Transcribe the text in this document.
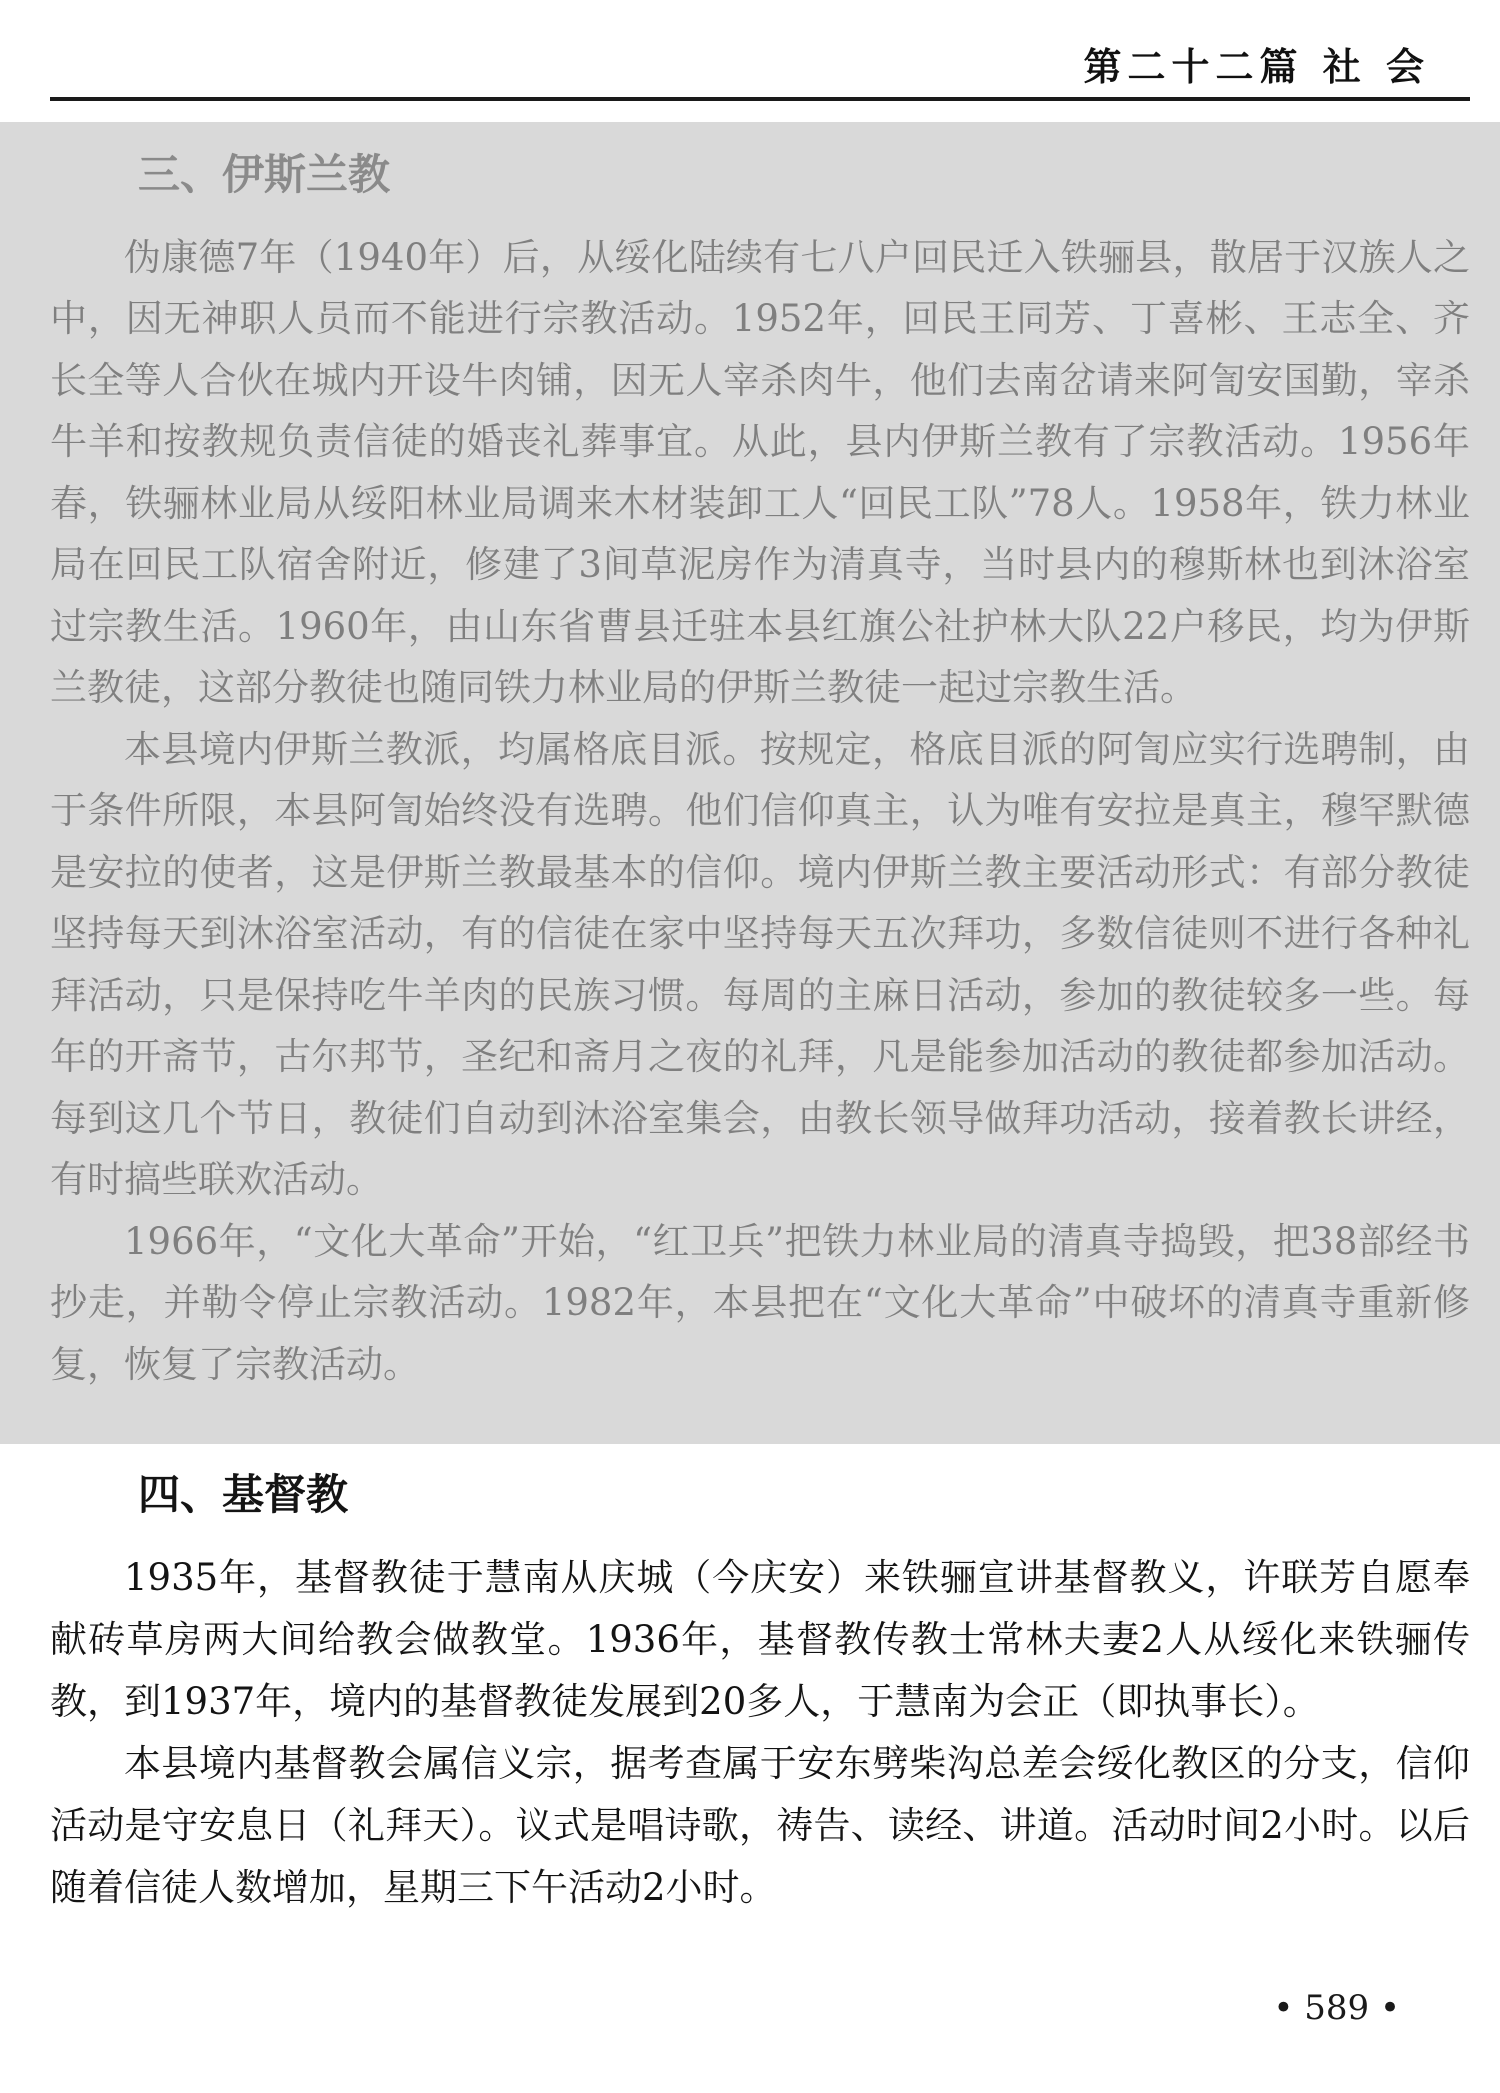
第二十二篇 社 会
三、伊斯兰教

伪康德7年（1940年）后，从绥化陆续有七八户回民迁入铁骊县，散居于汉族人之中，因无神职人员而不能进行宗教活动。1952年，回民王同芳、丁喜彬、王志全、齐长全等人合伙在城内开设牛肉铺，因无人宰杀肉牛，他们去南岔请来阿訇安国勤，宰杀牛羊和按教规负责信徒的婚丧礼葬事宜。从此，县内伊斯兰教有了宗教活动。1956年春，铁骊林业局从绥阳林业局调来木材装卸工人“回民工队”78人。1958年，铁力林业局在回民工队宿舍附近，修建了3间草泥房作为清真寺，当时县内的穆斯林也到沐浴室过宗教生活。1960年，由山东省曹县迁驻本县红旗公社护林大队22户移民，均为伊斯兰教徒，这部分教徒也随同铁力林业局的伊斯兰教徒一起过宗教生活。

本县境内伊斯兰教派，均属格底目派。按规定，格底目派的阿訇应实行选聘制，由于条件所限，本县阿訇始终没有选聘。他们信仰真主，认为唯有安拉是真主，穆罕默德是安拉的使者，这是伊斯兰教最基本的信仰。境内伊斯兰教主要活动形式：有部分教徒坚持每天到沐浴室活动，有的信徒在家中坚持每天五次拜功，多数信徒则不进行各种礼拜活动，只是保持吃牛羊肉的民族习惯。每周的主麻日活动，参加的教徒较多一些。每年的开斋节，古尔邦节，圣纪和斋月之夜的礼拜，凡是能参加活动的教徒都参加活动。每到这几个节日，教徒们自动到沐浴室集会，由教长领导做拜功活动，接着教长讲经，有时搞些联欢活动。

1966年，“文化大革命”开始，“红卫兵”把铁力林业局的清真寺捣毁，把38部经书抄走，并勒令停止宗教活动。1982年，本县把在“文化大革命”中破坏的清真寺重新修复，恢复了宗教活动。

四、基督教

1935年，基督教徒于慧南从庆城（今庆安）来铁骊宣讲基督教义，许联芳自愿奉献砖草房两大间给教会做教堂。1936年，基督教传教士常林夫妻2人从绥化来铁骊传教，到1937年，境内的基督教徒发展到20多人，于慧南为会正（即执事长）。

本县境内基督教会属信义宗，据考查属于安东劈柴沟总差会绥化教区的分支，信仰活动是守安息日（礼拜天）。议式是唱诗歌，祷告、读经、讲道。活动时间2小时。以后随着信徒人数增加，星期三下午活动2小时。

• 589 •
